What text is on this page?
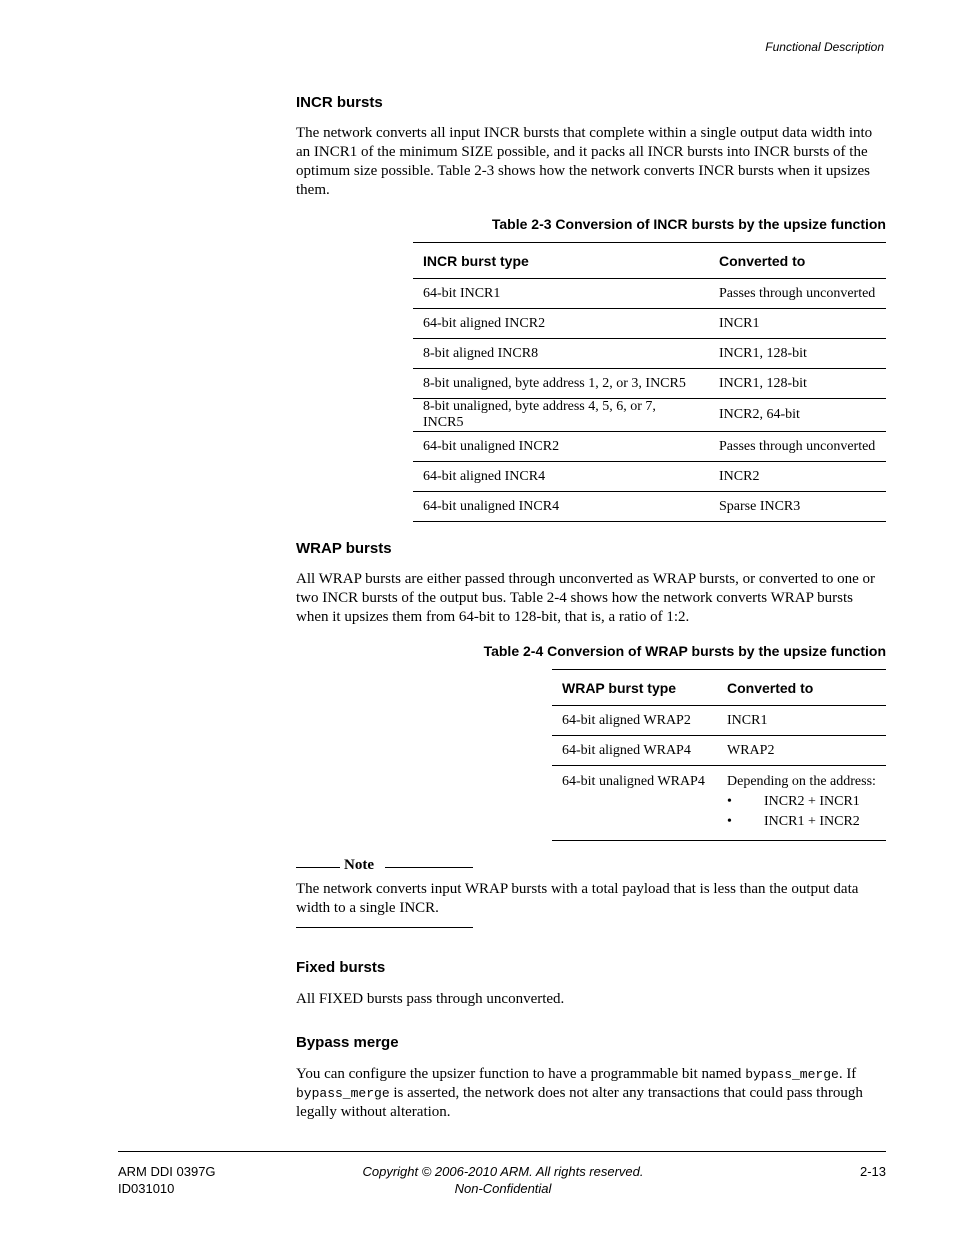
Functional Description
INCR bursts

The network converts all input INCR bursts that complete within a single output data width into an INCR1 of the minimum SIZE possible, and it packs all INCR bursts into INCR bursts of the optimum size possible. Table 2-3 shows how the network converts INCR bursts when it upsizes them.

Table 2-3 Conversion of INCR bursts by the upsize function
INCR burst type	Converted to
64-bit INCR1	Passes through unconverted
64-bit aligned INCR2	INCR1
8-bit aligned INCR8	INCR1, 128-bit
8-bit unaligned, byte address 1, 2, or 3, INCR5	INCR1, 128-bit
8-bit unaligned, byte address 4, 5, 6, or 7, INCR5	INCR2, 64-bit
64-bit unaligned INCR2	Passes through unconverted
64-bit aligned INCR4	INCR2
64-bit unaligned INCR4	Sparse INCR3
WRAP bursts

All WRAP bursts are either passed through unconverted as WRAP bursts, or converted to one or two INCR bursts of the output bus. Table 2-4 shows how the network converts WRAP bursts when it upsizes them from 64-bit to 128-bit, that is, a ratio of 1:2.

Table 2-4 Conversion of WRAP bursts by the upsize function
WRAP burst type	Converted to
64-bit aligned WRAP2	INCR1
64-bit aligned WRAP4	WRAP2
64-bit unaligned WRAP4	Depending on the address:
• INCR2 + INCR1
• INCR1 + INCR2
Note

The network converts input WRAP bursts with a total payload that is less than the output data width to a single INCR.

Fixed bursts

All FIXED bursts pass through unconverted.

Bypass merge

You can configure the upsizer function to have a programmable bit named bypass_merge. If bypass_merge is asserted, the network does not alter any transactions that could pass through legally without alteration.

ARM DDI 0397G
ID031010
Copyright © 2006-2010 ARM. All rights reserved.
Non-Confidential
2-13
